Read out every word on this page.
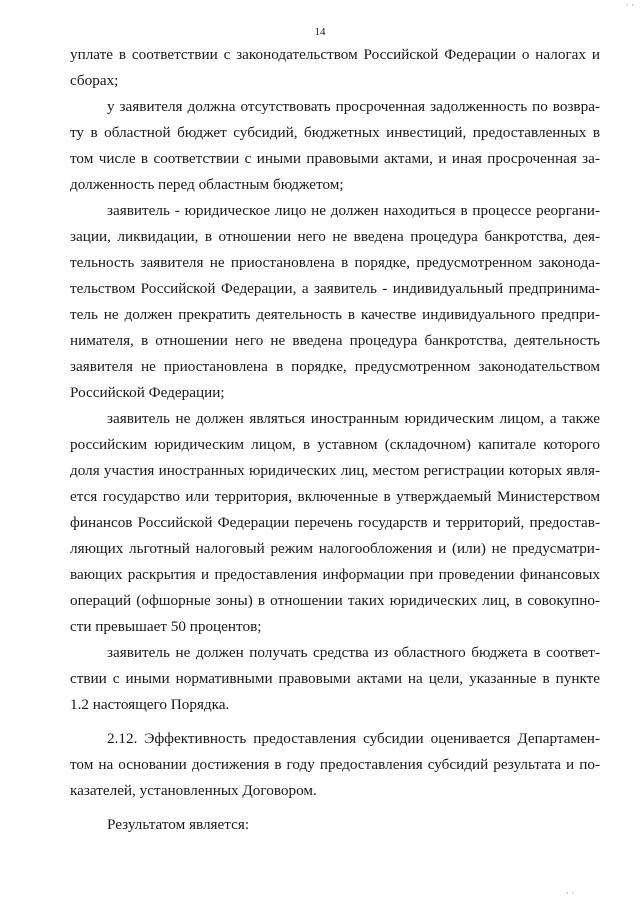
· ·
14

уплате в соответствии с законодательством Российской Федерации о налогах и сборах;

у заявителя должна отсутствовать просроченная задолженность по возврату в областной бюджет субсидий, бюджетных инвестиций, предоставленных в том числе в соответствии с иными правовыми актами, и иная просроченная задолженность перед областным бюджетом;

заявитель - юридическое лицо не должен находиться в процессе реорганизации, ликвидации, в отношении него не введена процедура банкротства, деятельность заявителя не приостановлена в порядке, предусмотренном законодательством Российской Федерации, а заявитель - индивидуальный предприниматель не должен прекратить деятельность в качестве индивидуального предпринимателя, в отношении него не введена процедура банкротства, деятельность заявителя не приостановлена в порядке, предусмотренном законодательством Российской Федерации;

заявитель не должен являться иностранным юридическим лицом, а также российским юридическим лицом, в уставном (складочном) капитале которого доля участия иностранных юридических лиц, местом регистрации которых является государство или территория, включенные в утверждаемый Министерством финансов Российской Федерации перечень государств и территорий, предоставляющих льготный налоговый режим налогообложения и (или) не предусматривающих раскрытия и предоставления информации при проведении финансовых операций (офшорные зоны) в отношении таких юридических лиц, в совокупности превышает 50 процентов;

заявитель не должен получать средства из областного бюджета в соответствии с иными нормативными правовыми актами на цели, указанные в пункте 1.2 настоящего Порядка.

2.12. Эффективность предоставления субсидии оценивается Департаментом на основании достижения в году предоставления субсидий результата и показателей, установленных Договором.

Результатом является:

· ·
